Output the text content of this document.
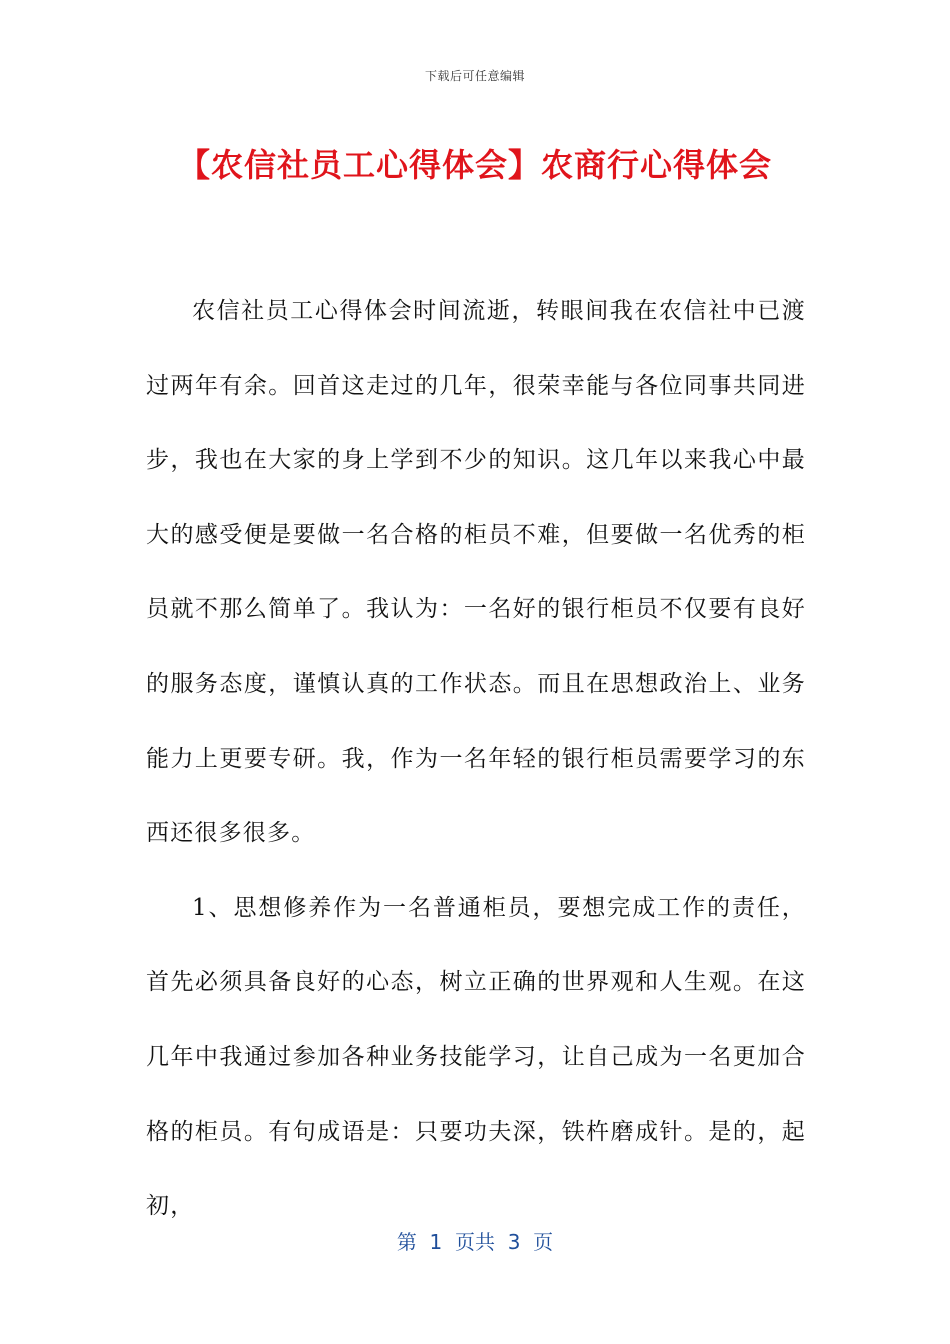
下载后可任意编辑
【农信社员工心得体会】农商行心得体会

农信社员工心得体会时间流逝，转眼间我在农信社中已渡过两年有余。回首这走过的几年，很荣幸能与各位同事共同进步，我也在大家的身上学到不少的知识。这几年以来我心中最大的感受便是要做一名合格的柜员不难，但要做一名优秀的柜员就不那么简单了。我认为：一名好的银行柜员不仅要有良好的服务态度，谨慎认真的工作状态。而且在思想政治上、业务能力上更要专研。我，作为一名年轻的银行柜员需要学习的东西还很多很多。

1、思想修养作为一名普通柜员，要想完成工作的责任，首先必须具备良好的心态，树立正确的世界观和人生观。在这几年中我通过参加各种业务技能学习，让自己成为一名更加合格的柜员。有句成语是：只要功夫深，铁杵磨成针。是的，起初，

第  1  页共  3  页
